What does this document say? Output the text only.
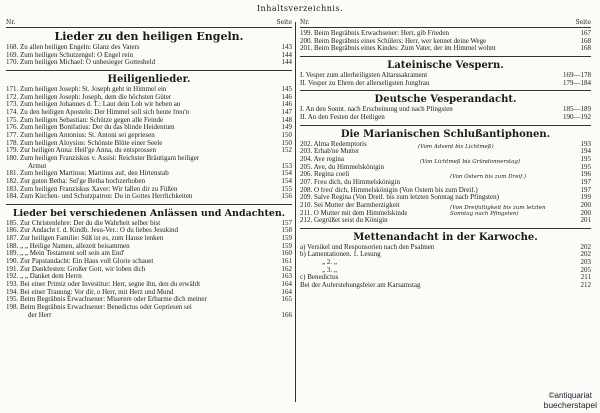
Inhaltsverzeichnis.
Nr.	Seite
Lieder zu den heiligen Engeln.
168. Zu allen heiligen Engeln: Glanz des Vaters	143
169. Zum heiligen Schutzengel: O Engel rein	144
170. Zum heiligen Michael: O unbesieger Gottesheld	144
Heiligenlieder.
171. Zum heiligen Joseph: St. Joseph geht in Himmel ein	145
172. Zum heiligen Joseph: Joseph, dem die höchsten Güter	146
173. Zum heiligen Johannes d. T.: Laut dein Lob wir heben an	146
174. Zu den heiligen Aposteln: Der Himmel soll sich heute freu'n	147
175. Zum heiligen Sebastian: Schütze gegen alle Feinde	148
176. Zum heiligen Bonifatius: Der du das blinde Heidentum	149
177. Zum heiligen Antonius: St. Antoni sei gepriesen	150
178. Zum heiligen Aloysius: Schönste Blüte einer Seele	150
179. Zur heiligen Anna: Heil'ge Anna, du entsprossen	152
180. Zum heiligen Franziskus v. Assisi: Reichster Bräutigam heiliger
Armut	153
181. Zum heiligen Martinus: Martinus auf, den Hirtenstab	154
182. Zur guten Betha: Sel'ge Betha hochzerhoben	154
183. Zum heiligen Franziskus Xaver: Wir fallen dir zu Füßen	155
184. Zum Kirchen- und Schutzpatron: Du in Gottes Herrlichkeiten	156
Lieder bei verschiedenen Anlässen und Andachten.
185. Zur Christenlehre: Der du die Wahrheit selber bist	157
186. Zur Andacht f. d. Kindh. Jesu-Ver.: O du liebes Jesukind	158
187. Zur heiligen Familie: Süß ist es, zum Hause lenken	159
188. „ „ Heilige Namen, allezeit beisammen	159
189. „ „ Mein Testament soll sein am End'	160
190. Zur Papstandacht: Ein Haus voll Glorie schauet	161
191. Zur Dankfesten: Großer Gott, wir loben dich	162
192. „ „ Danket dem Herrn	163
193. Bei einer Primiz oder Investitur: Herr, segne ihn, den du erwählt	164
194. Bei einer Trauung: Vor dir, o Herr, mit Herz und Mund	164
195. Beim Begräbnis Erwachsener: Miserere oder Erbarme dich meiner	165
198. Beim Begräbnis Erwachsener: Benedictus oder Gepriesen sei
der Herr	166
Nr.	Seite
199. Beim Begräbnis Erwachsener: Herr, gib Frieden	167
200. Beim Begräbnis eines Schülers: Herr, wer kennet deine Wege	168
201. Beim Begräbnis eines Kindes: Zum Vater, der im Himmel wohnt	168
Lateinische Vespern.
I. Vesper zum allerheiligsten Altarssakrament	169—178
II. Vesper zu Ehren der allerseligsten Jungfrau	179—184
Deutsche Vesperandacht.
I. An den Sonnt. nach Erscheinung und nach Pfingsten	185—189
II. An den Festen der Heiligen	190—192
Die Marianischen Schlußantiphonen.
202. Alma Redemptoris	193
203. Erhab'ne Mutter	194
(Vom Advent bis Lichtmeß)
204. Ave regina	195
205. Ave, du Himmelskönigin	195
(Von Lichtmeß bis Gründonnerstag)
206. Regina coeli	196
207. Freu dich, du Himmelskönigin	197
(Von Ostern bis zum Dreif.)
208. O freu' dich, Himmelskönigin (Von Ostern bis zum Dreif.)	197
209. Salve Regina (Von Dreif. bis zum letzten Sonntag nach Pfingsten)	199
210. Sei Mutter der Barmherzigkeit	200
211. O Mutter mit dem Himmelskinde	200
212. Gegrüßet seist du Königin	201
(Von Dreifaltigkeit bis zum letzten Sonntag nach Pfingsten)
Mettenandacht in der Karwoche.
a) Versikel und Responsorien nach den Psalmen	202
b) Lamentationen. 1. Lesung	202
„ 2. „	203
„ 3. „	205
c) Benedictus	211
Bei der Auferstehungsfeier am Karsamstag	212
©antiquariat
buecherstapel
